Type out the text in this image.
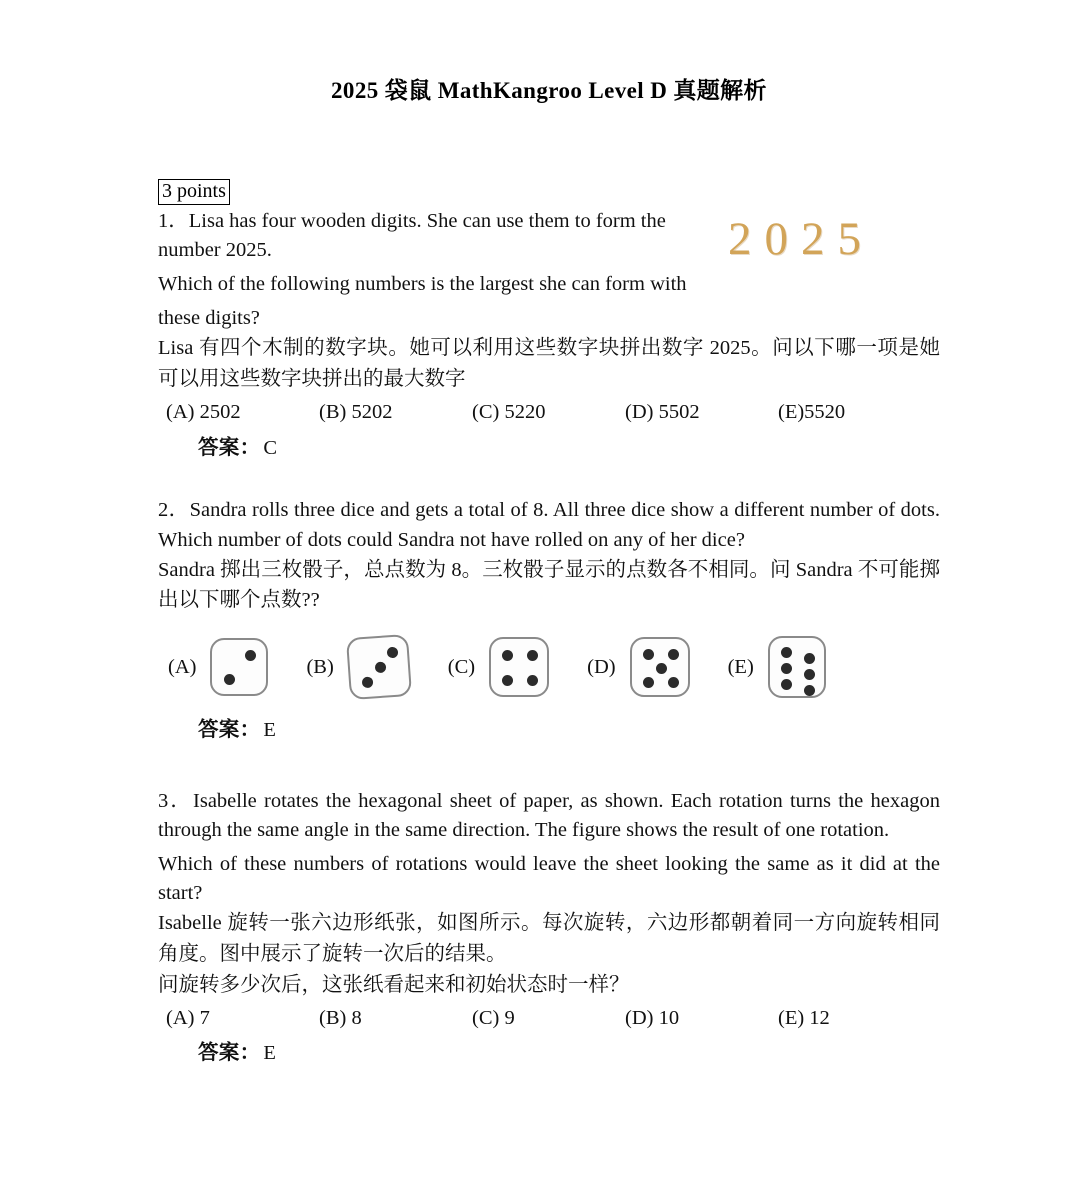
2025 袋鼠 MathKangroo Level D 真题解析
2025
3 points

1．Lisa has four wooden digits. She can use them to form the

number 2025.

Which of the following numbers is the largest she can form with

these digits?

Lisa 有四个木制的数字块。她可以利用这些数字块拼出数字 2025。问以下哪一项是她可以用这些数字块拼出的最大数字

(A) 2502	(B) 5202	(C) 5220	(D) 5502	(E)5520
答案： C

2．Sandra rolls three dice and gets a total of 8. All three dice show a different number of dots. Which number of dots could Sandra not have rolled on any of her dice?

Sandra 掷出三枚骰子，总点数为 8。三枚骰子显示的点数各不相同。问 Sandra 不可能掷出以下哪个点数??

(A)	(B)	(C)	(D)	(E)
答案： E

3．Isabelle rotates the hexagonal sheet of paper, as shown. Each rotation turns the hexagon through the same angle in the same direction. The figure shows the result of one rotation.

Which of these numbers of rotations would leave the sheet looking the same as it did at the start?

Isabelle 旋转一张六边形纸张，如图所示。每次旋转，六边形都朝着同一方向旋转相同角度。图中展示了旋转一次后的结果。

问旋转多少次后，这张纸看起来和初始状态时一样？

(A) 7	(B) 8	(C) 9	(D) 10	(E) 12
答案： E
